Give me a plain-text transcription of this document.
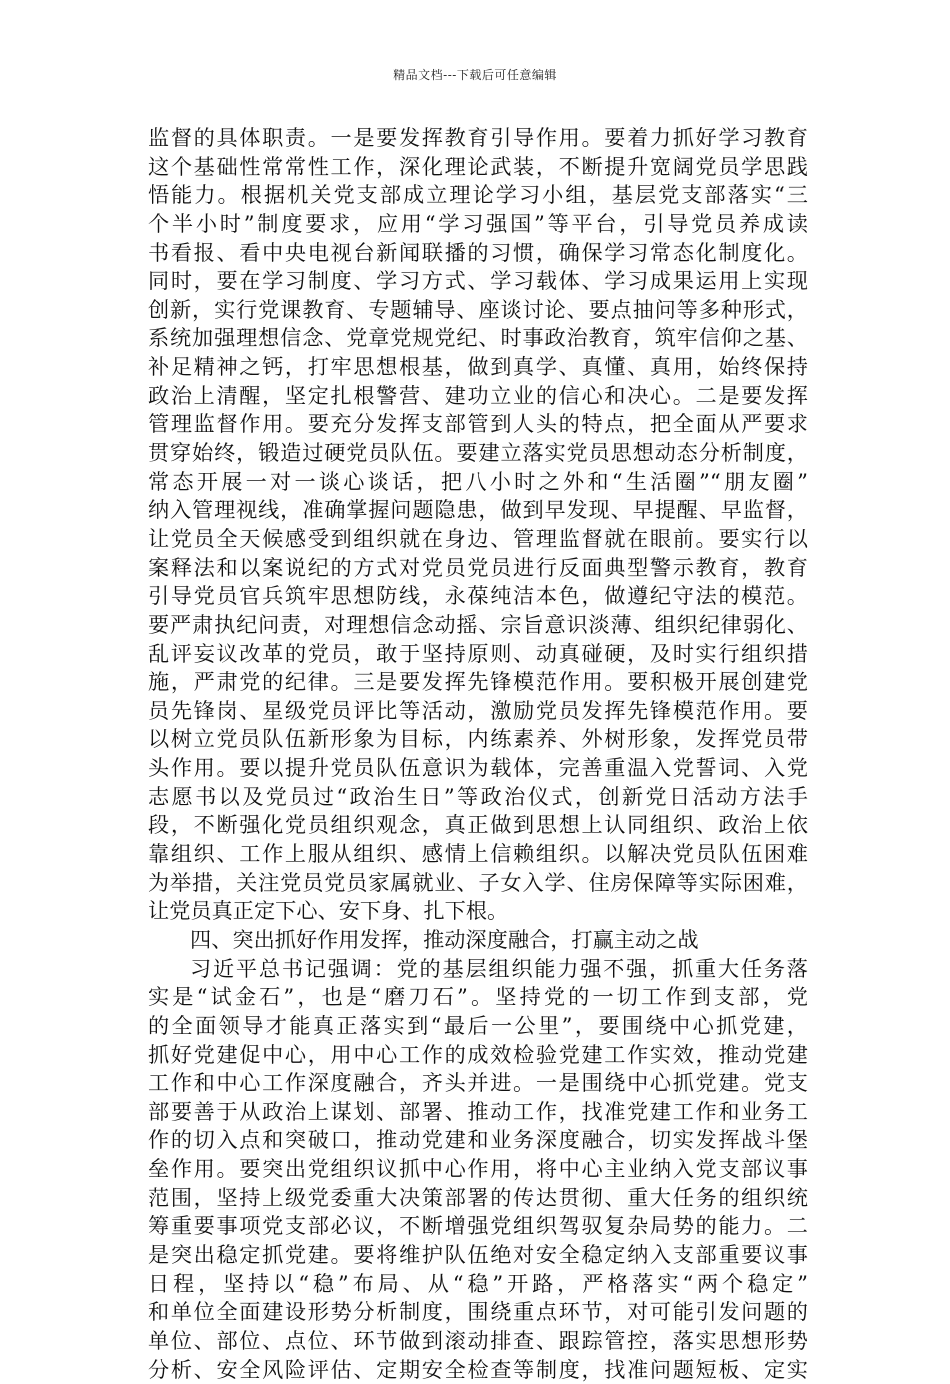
精品文档---下载后可任意编辑
监督的具体职责。一是要发挥教育引导作用。要着力抓好学习教育
这个基础性常常性工作，深化理论武装，不断提升宽阔党员学思践
悟能力。根据机关党支部成立理论学习小组，基层党支部落实“三
个半小时”制度要求，应用“学习强国”等平台，引导党员养成读
书看报、看中央电视台新闻联播的习惯，确保学习常态化制度化。
同时，要在学习制度、学习方式、学习载体、学习成果运用上实现
创新，实行党课教育、专题辅导、座谈讨论、要点抽问等多种形式，
系统加强理想信念、党章党规党纪、时事政治教育，筑牢信仰之基、
补足精神之钙，打牢思想根基，做到真学、真懂、真用，始终保持
政治上清醒，坚定扎根警营、建功立业的信心和决心。二是要发挥
管理监督作用。要充分发挥支部管到人头的特点，把全面从严要求
贯穿始终，锻造过硬党员队伍。要建立落实党员思想动态分析制度，
常态开展一对一谈心谈话，把八小时之外和“生活圈”“朋友圈”
纳入管理视线，准确掌握问题隐患，做到早发现、早提醒、早监督，
让党员全天候感受到组织就在身边、管理监督就在眼前。要实行以
案释法和以案说纪的方式对党员党员进行反面典型警示教育，教育
引导党员官兵筑牢思想防线，永葆纯洁本色，做遵纪守法的模范。
要严肃执纪问责，对理想信念动摇、宗旨意识淡薄、组织纪律弱化、
乱评妄议改革的党员，敢于坚持原则、动真碰硬，及时实行组织措
施，严肃党的纪律。三是要发挥先锋模范作用。要积极开展创建党
员先锋岗、星级党员评比等活动，激励党员发挥先锋模范作用。要
以树立党员队伍新形象为目标，内练素养、外树形象，发挥党员带
头作用。要以提升党员队伍意识为载体，完善重温入党誓词、入党
志愿书以及党员过“政治生日”等政治仪式，创新党日活动方法手
段，不断强化党员组织观念，真正做到思想上认同组织、政治上依
靠组织、工作上服从组织、感情上信赖组织。以解决党员队伍困难
为举措，关注党员党员家属就业、子女入学、住房保障等实际困难，
让党员真正定下心、安下身、扎下根。
四、突出抓好作用发挥，推动深度融合，打赢主动之战
习近平总书记强调：党的基层组织能力强不强，抓重大任务落
实是“试金石”，也是“磨刀石”。坚持党的一切工作到支部，党
的全面领导才能真正落实到“最后一公里”，要围绕中心抓党建，
抓好党建促中心，用中心工作的成效检验党建工作实效，推动党建
工作和中心工作深度融合，齐头并进。一是围绕中心抓党建。党支
部要善于从政治上谋划、部署、推动工作，找准党建工作和业务工
作的切入点和突破口，推动党建和业务深度融合，切实发挥战斗堡
垒作用。要突出党组织议抓中心作用，将中心主业纳入党支部议事
范围，坚持上级党委重大决策部署的传达贯彻、重大任务的组织统
筹重要事项党支部必议，不断增强党组织驾驭复杂局势的能力。二
是突出稳定抓党建。要将维护队伍绝对安全稳定纳入支部重要议事
日程，坚持以“稳”布局、从“稳”开路，严格落实“两个稳定”
和单位全面建设形势分析制度，围绕重点环节，对可能引发问题的
单位、部位、点位、环节做到滚动排查、跟踪管控，落实思想形势
分析、安全风险评估、定期安全检查等制度，找准问题短板、定实
